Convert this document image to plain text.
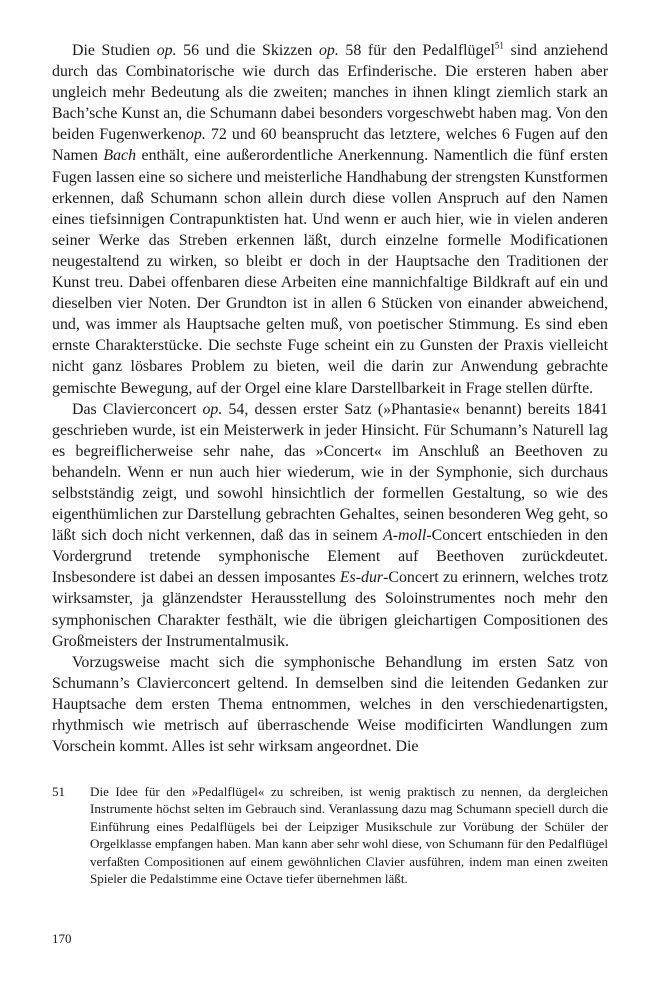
Die Studien op. 56 und die Skizzen op. 58 für den Pedalflügel$^{51}$ sind anziehend durch das Combinatorische wie durch das Erfinderische. Die ersteren haben aber ungleich mehr Bedeutung als die zweiten; manches in ihnen klingt ziemlich stark an Bach’sche Kunst an, die Schumann dabei besonders vorgeschwebt haben mag. Von den beiden Fugenwerkenop. 72 und 60 beansprucht das letztere, welches 6 Fugen auf den Namen Bach enthält, eine außerordentliche Anerkennung. Namentlich die fünf ersten Fugen lassen eine so sichere und meisterliche Handhabung der strengsten Kunstformen erkennen, daß Schumann schon allein durch diese vollen Anspruch auf den Namen eines tiefsinnigen Contrapunktisten hat. Und wenn er auch hier, wie in vielen anderen seiner Werke das Streben erkennen läßt, durch einzelne formelle Modificationen neugestaltend zu wirken, so bleibt er doch in der Hauptsache den Traditionen der Kunst treu. Dabei offenbaren diese Arbeiten eine mannichfaltige Bildkraft auf ein und dieselben vier Noten. Der Grundton ist in allen 6 Stücken von einander abweichend, und, was immer als Hauptsache gelten muß, von poetischer Stimmung. Es sind eben ernste Charakterstücke. Die sechste Fuge scheint ein zu Gunsten der Praxis vielleicht nicht ganz lösbares Problem zu bieten, weil die darin zur Anwendung gebrachte gemischte Bewegung, auf der Orgel eine klare Darstellbarkeit in Frage stellen dürfte.

Das Clavierconcert op. 54, dessen erster Satz (»Phantasie« benannt) bereits 1841 geschrieben wurde, ist ein Meisterwerk in jeder Hinsicht. Für Schumann’s Naturell lag es begreiflicherweise sehr nahe, das »Concert« im Anschluß an Beethoven zu behandeln. Wenn er nun auch hier wiederum, wie in der Symphonie, sich durchaus selbstständig zeigt, und sowohl hinsichtlich der formellen Gestaltung, so wie des eigenthümlichen zur Darstellung gebrachten Gehaltes, seinen besonderen Weg geht, so läßt sich doch nicht verkennen, daß das in seinem A-moll-Concert entschieden in den Vordergrund tretende symphonische Element auf Beethoven zurückdeutet. Insbesondere ist dabei an dessen imposantes Es-dur-Concert zu erinnern, welches trotz wirksamster, ja glänzendster Herausstellung des Soloinstrumentes noch mehr den symphonischen Charakter festhält, wie die übrigen gleichartigen Compositionen des Großmeisters der Instrumentalmusik.

Vorzugsweise macht sich die symphonische Behandlung im ersten Satz von Schumann’s Clavierconcert geltend. In demselben sind die leitenden Gedanken zur Hauptsache dem ersten Thema entnommen, welches in den verschiedenartigsten, rhythmisch wie metrisch auf überraschende Weise modificirten Wandlungen zum Vorschein kommt. Alles ist sehr wirksam angeordnet. Die

51	Die Idee für den »Pedalflügel« zu schreiben, ist wenig praktisch zu nennen, da dergleichen Instrumente höchst selten im Gebrauch sind. Veranlassung dazu mag Schumann speciell durch die Einführung eines Pedalflügels bei der Leipziger Musikschule zur Vorübung der Schüler der Orgelklasse empfangen haben. Man kann aber sehr wohl diese, von Schumann für den Pedalflügel verfaßten Compositionen auf einem gewöhnlichen Clavier ausführen, indem man einen zweiten Spieler die Pedalstimme eine Octave tiefer übernehmen läßt.
170
